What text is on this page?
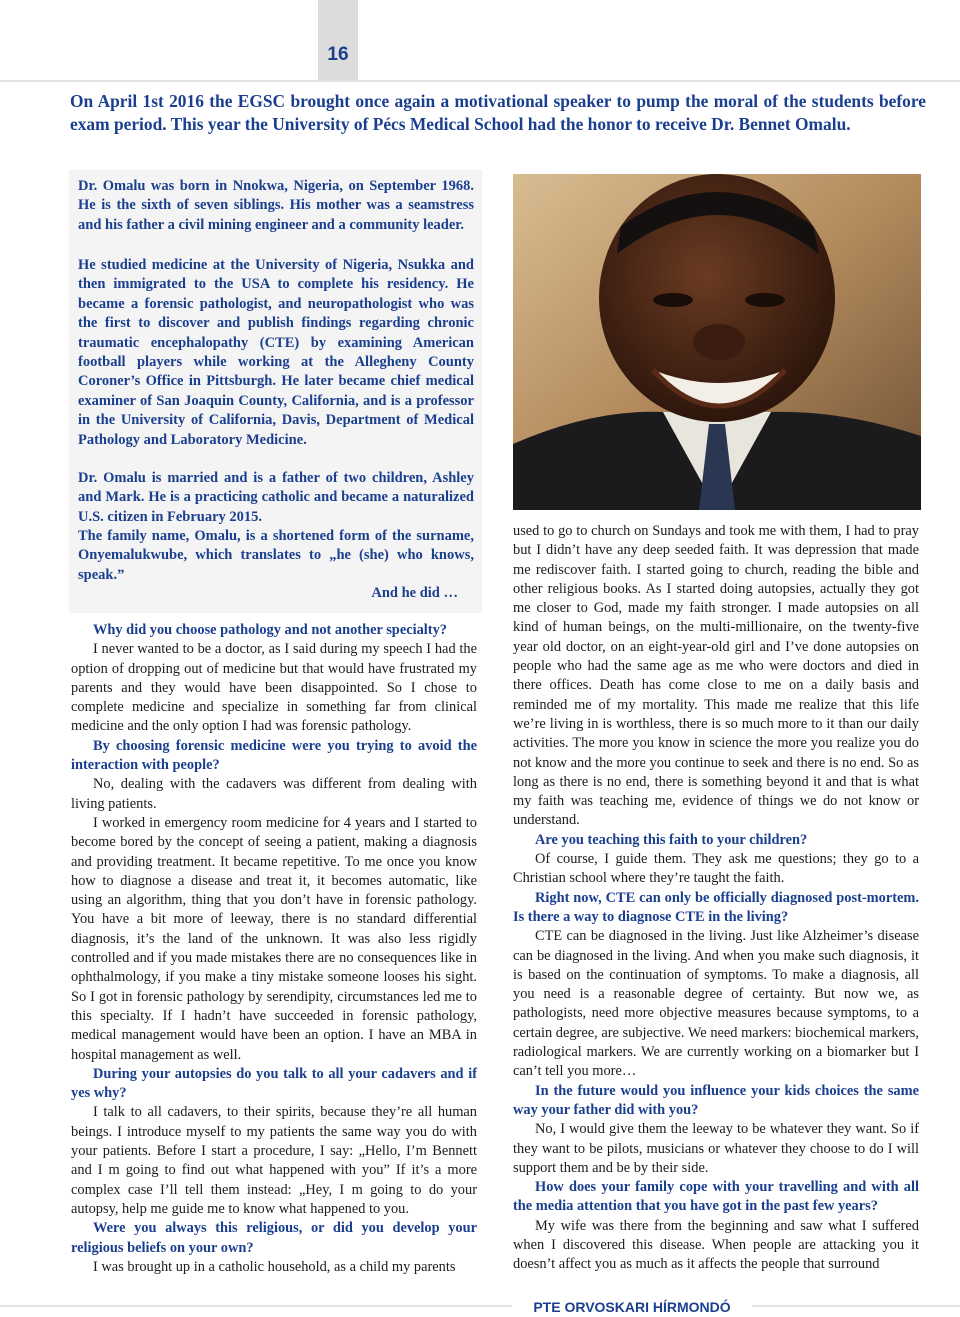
16

On April 1st 2016 the EGSC brought once again a motivational speaker to pump the moral of the students before exam period. This year the University of Pécs Medical School had the honor to receive Dr. Bennet Omalu.

Dr. Omalu was born in Nnokwa, Nigeria, on September 1968. He is the sixth of seven siblings. His mother was a seamstress and his father a civil mining engineer and a community leader.

He studied medicine at the University of Nigeria, Nsukka and then immigrated to the USA to complete his residency. He became a forensic pathologist, and neuropathologist who was the first to discover and publish findings regarding chronic traumatic encephalopathy (CTE) by examining American football players while working at the Allegheny County Coroner’s Office in Pittsburgh. He later became chief medical examiner of San Joaquin County, California, and is a professor in the University of California, Davis, Department of Medical Pathology and Laboratory Medicine.

Dr. Omalu is married and is a father of two children, Ashley and Mark. He is a practicing catholic and became a naturalized U.S. citizen in February 2015.

The family name, Omalu, is a shortened form of the surname, Onyemalukwube, which translates to „he (she) who knows, speak.”

And he did …

Why did you choose pathology and not another specialty?

I never wanted to be a doctor, as I said during my speech I had the option of dropping out of medicine but that would have frustrated my parents and they would have been disappointed. So I chose to complete medicine and specialize in something far from clinical medicine and the only option I had was forensic pathology.

By choosing forensic medicine were you trying to avoid the interaction with people?

No, dealing with the cadavers was different from dealing with living patients.

I worked in emergency room medicine for 4 years and I started to become bored by the concept of seeing a patient, making a diagnosis and providing treatment. It became repetitive. To me once you know how to diagnose a disease and treat it, it becomes automatic, like using an algorithm, thing that you don’t have in forensic pathology. You have a bit more of leeway, there is no standard differential diagnosis, it’s the land of the unknown. It was also less rigidly controlled and if you made mistakes there are no consequences like in ophthalmology, if you make a tiny mistake someone looses his sight. So I got in forensic pathology by serendipity, circumstances led me to this specialty. If I hadn’t have succeeded in forensic pathology, medical management would have been an option. I have an MBA in hospital management as well.

During your autopsies do you talk to all your cadavers and if yes why?

I talk to all cadavers, to their spirits, because they’re all human beings. I introduce myself to my patients the same way you do with your patients. Before I start a procedure, I say: „Hello, I’m Bennett and I m going to find out what happened with you” If it’s a more complex case I’ll tell them instead: „Hey, I m going to do your autopsy, help me guide me to know what happened to you.

Were you always this religious, or did you develop your religious beliefs on your own?

I was brought up in a catholic household, as a child my parents

used to go to church on Sundays and took me with them, I had to pray but I didn’t have any deep seeded faith. It was depression that made me rediscover faith. I started going to church, reading the bible and other religious books. As I started doing autopsies, actually they got me closer to God, made my faith stronger. I made autopsies on all kind of human beings, on the multi-millionaire, on the twenty-five year old doctor, on an eight-year-old girl and I’ve done autopsies on people who had the same age as me who were doctors and died in there offices. Death has come close to me on a daily basis and reminded me of my mortality. This made me realize that this life we’re living in is worthless, there is so much more to it than our daily activities. The more you know in science the more you realize you do not know and the more you continue to seek and there is no end. So as long as there is no end, there is something beyond it and that is what my faith was teaching me, evidence of things we do not know or understand.

Are you teaching this faith to your children?

Of course, I guide them. They ask me questions; they go to a Christian school where they’re taught the faith.

Right now, CTE can only be officially diagnosed post-mortem. Is there a way to diagnose CTE in the living?

CTE can be diagnosed in the living. Just like Alzheimer’s disease can be diagnosed in the living. And when you make such diagnosis, it is based on the continuation of symptoms. To make a diagnosis, all you need is a reasonable degree of certainty. But now we, as pathologists, need more objective measures because symptoms, to a certain degree, are subjective. We need markers: biochemical markers, radiological markers. We are currently working on a biomarker but I can’t tell you more…

In the future would you influence your kids choices the same way your father did with you?

No, I would give them the leeway to be whatever they want. So if they want to be pilots, musicians or whatever they choose to do I will support them and be by their side.

How does your family cope with your travelling and with all the media attention that you have got in the past few years?

My wife was there from the beginning and saw what I suffered when I discovered this disease. When people are attacking you it doesn’t affect you as much as it affects the people that surround

PTE ORVOSKARI HÍRMONDÓ
